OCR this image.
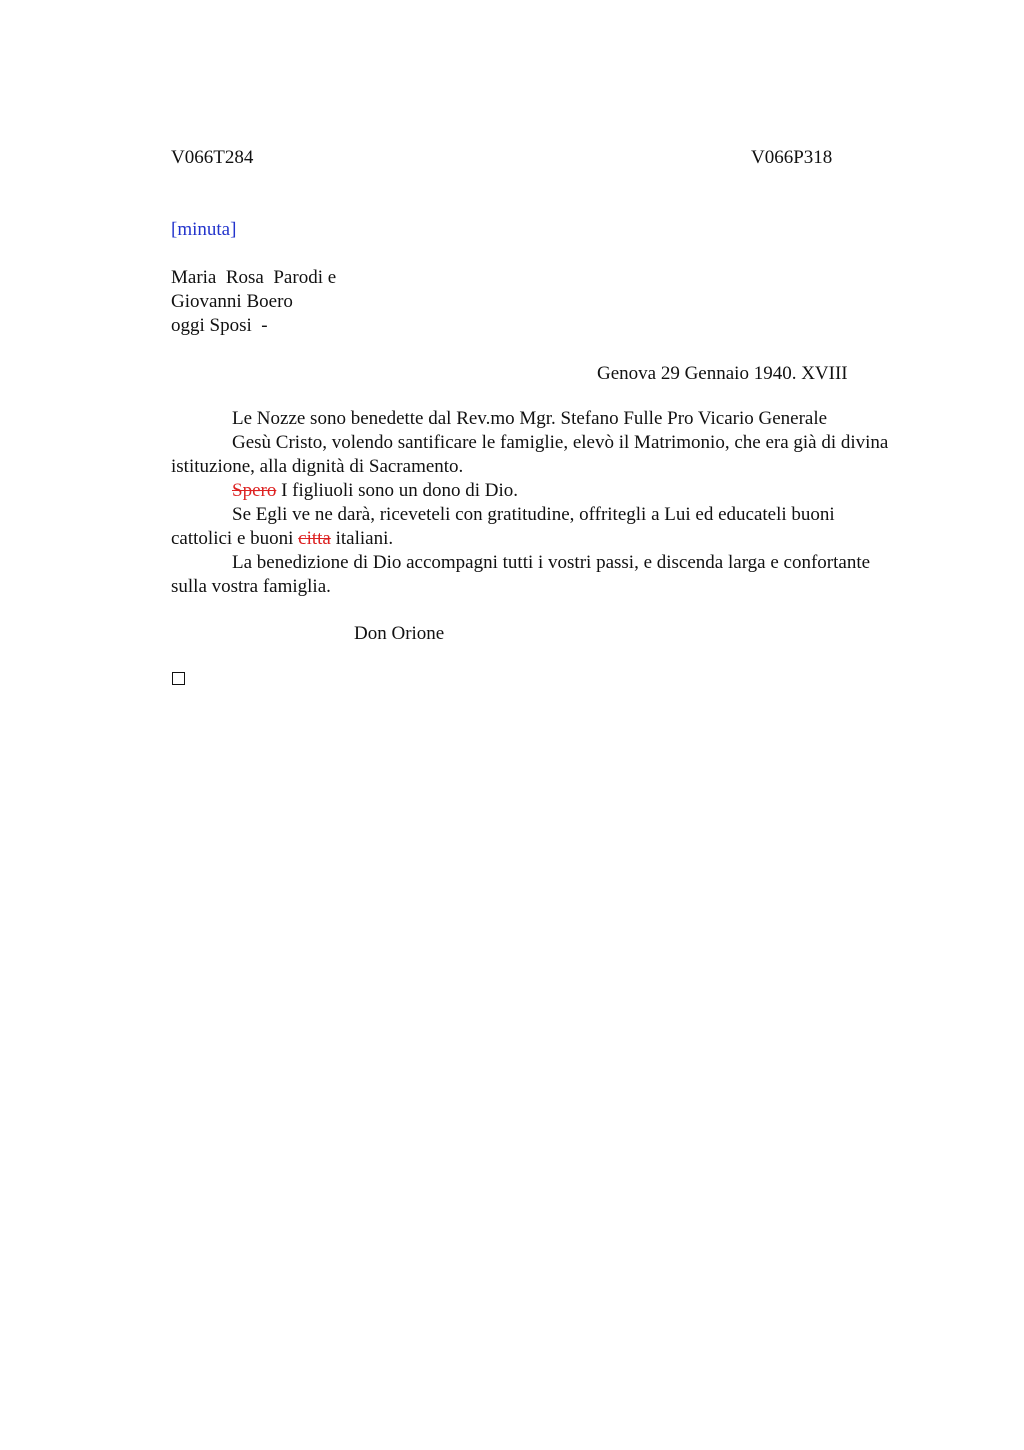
V066T284	V066P318
[minuta]
Maria  Rosa  Parodi e
Giovanni Boero
oggi Sposi  -
Genova 29 Gennaio 1940. XVIII

Le Nozze sono benedette dal Rev.mo Mgr. Stefano Fulle Pro Vicario Generale

Gesù Cristo, volendo santificare le famiglie, elevò il Matrimonio, che era già di divina istituzione, alla dignità di Sacramento.

Spero I figliuoli sono un dono di Dio.

Se Egli ve ne darà, riceveteli con gratitudine, offritegli a Lui ed educateli buoni cattolici e buoni citta italiani.

La benedizione di Dio accompagni tutti i vostri passi, e discenda larga e confortante sulla vostra famiglia.

Don Orione
